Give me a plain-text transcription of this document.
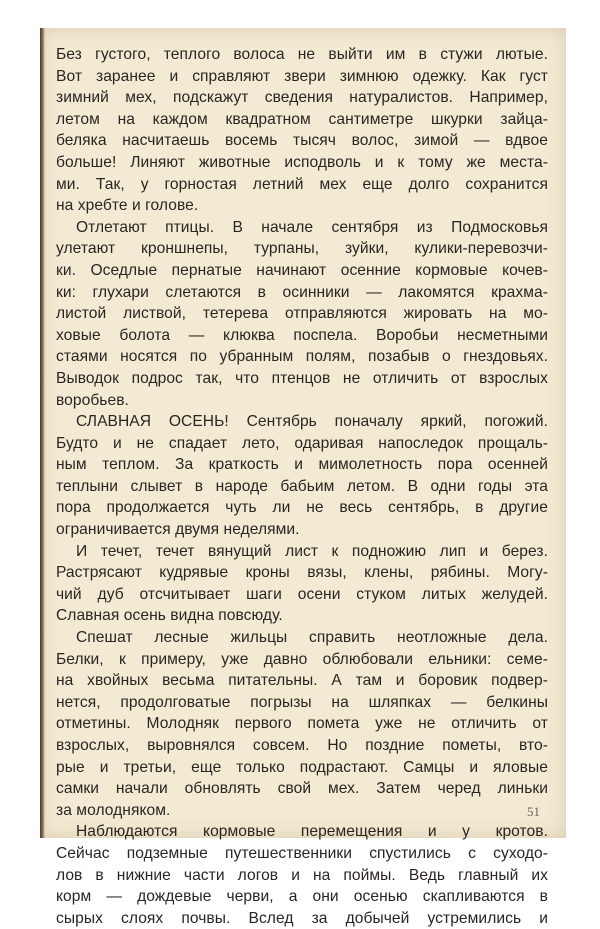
Без густого, теплого волоса не выйти им в стужи лютые.
Вот заранее и справляют звери зимнюю одежку. Как густ
зимний мех, подскажут сведения натуралистов. Например,
летом на каждом квадратном сантиметре шкурки зайца-
беляка насчитаешь восемь тысяч волос, зимой — вдвое
больше! Линяют животные исподволь и к тому же места-
ми. Так, у горностая летний мех еще долго сохранится
на хребте и голове.
Отлетают птицы. В начале сентября из Подмосковья
улетают кроншнепы, турпаны, зуйки, кулики-перевозчи-
ки. Оседлые пернатые начинают осенние кормовые кочев-
ки: глухари слетаются в осинники — лакомятся крахма-
листой листвой, тетерева отправляются жировать на мо-
ховые болота — клюква поспела. Воробьи несметными
стаями носятся по убранным полям, позабыв о гнездовьях.
Выводок подрос так, что птенцов не отличить от взрослых
воробьев.
СЛАВНАЯ ОСЕНЬ! Сентябрь поначалу яркий, погожий.
Будто и не спадает лето, одаривая напоследок прощаль-
ным теплом. За краткость и мимолетность пора осенней
теплыни слывет в народе бабьим летом. В одни годы эта
пора продолжается чуть ли не весь сентябрь, в другие
ограничивается двумя неделями.
И течет, течет вянущий лист к подножию лип и берез.
Растрясают кудрявые кроны вязы, клены, рябины. Могу-
чий дуб отсчитывает шаги осени стуком литых желудей.
Славная осень видна повсюду.
Спешат лесные жильцы справить неотложные дела.
Белки, к примеру, уже давно облюбовали ельники: семе-
на хвойных весьма питательны. А там и боровик подвер-
нется, продолговатые погрызы на шляпках — белкины
отметины. Молодняк первого помета уже не отличить от
взрослых, выровнялся совсем. Но поздние пометы, вто-
рые и третьи, еще только подрастают. Самцы и яловые
самки начали обновлять свой мех. Затем черед линьки
за молодняком.
Наблюдаются кормовые перемещения и у кротов.
Сейчас подземные путешественники спустились с суходо-
лов в нижние части логов и на поймы. Ведь главный их
корм — дождевые черви, а они осенью скапливаются в
сырых слоях почвы. Вслед за добычей устремились и
51
